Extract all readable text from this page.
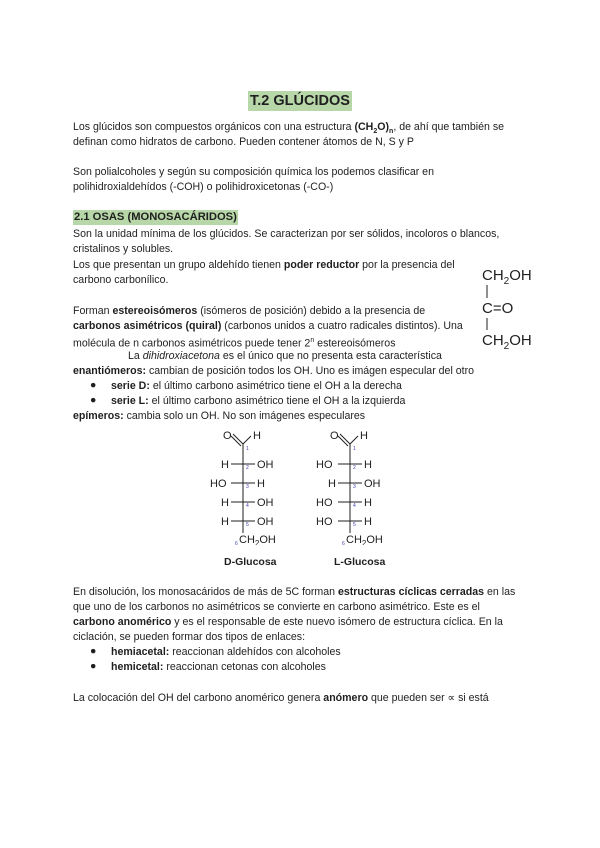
T.2 GLÚCIDOS
Los glúcidos son compuestos orgánicos con una estructura $(CH_2O)_n$, de ahí que también se
definan como hidratos de carbono. Pueden contener átomos de N, S y P
Son polialcoholes y según su composición química los podemos clasificar en
polihidroxialdehídos (-COH) o polihidroxicetonas (-CO-)
2.1 OSAS (MONOSACÁRIDOS)
Son la unidad mínima de los glúcidos. Se caracterizan por ser sólidos, incoloros o blancos,
cristalinos y solubles.
Los que presentan un grupo aldehído tienen poder reductor por la presencia del
carbono carbonílico.
Forman estereoisómeros (isómeros de posición) debido a la presencia de
carbonos asimétricos (quiral) (carbonos unidos a cuatro radicales distintos). Una
molécula de n carbonos asimétricos puede tener 2$^n$ estereoisómeros
La dihidroxiacetona es el único que no presenta esta característica
enantiómeros: cambian de posición todos los OH. Uno es imágen especular del otro
● serie D: el último carbono asimétrico tiene el OH a la derecha
● serie L: el último carbono asimétrico tiene el OH a la izquierda
epímeros: cambia solo un OH. No son imágenes especulares
$CH_2OH$
C=O
$CH_2OH$
O H
H	OH
HO	H
H	OH
H	OH
$CH_2OH$
1
2
3
4
5
6
D-Glucosa
O H
HO	H
H	OH
HO	H
HO	H
$CH_2OH$
1
2
3
4
5
6
L-Glucosa
En disolución, los monosacáridos de más de 5C forman estructuras cíclicas cerradas en las
que uno de los carbonos no asimétricos se convierte en carbono asimétrico. Este es el
carbono anomérico y es el responsable de este nuevo isómero de estructura cíclica. En la
ciclación, se pueden formar dos tipos de enlaces:
● hemiacetal: reaccionan aldehídos con alcoholes
● hemicetal: reaccionan cetonas con alcoholes
La colocación del OH del carbono anomérico genera anómero que pueden ser ∝ si está
